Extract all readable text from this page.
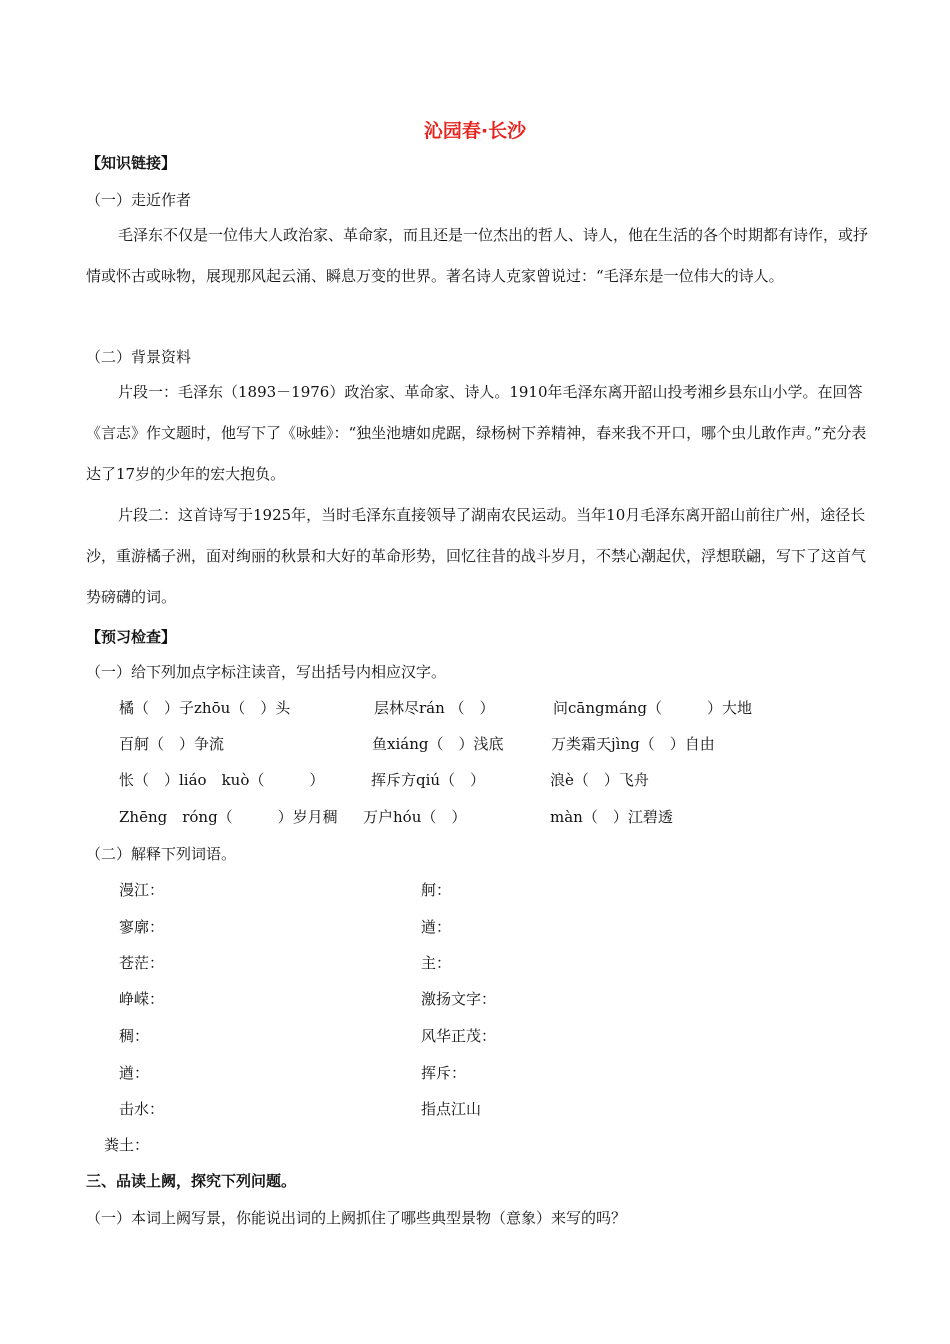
沁园春·长沙
【知识链接】
（一）走近作者
毛泽东不仅是一位伟大人政治家、革命家，而且还是一位杰出的哲人、诗人，他在生活的各个时期都有诗作，或抒情或怀古或咏物，展现那风起云涌、瞬息万变的世界。著名诗人克家曾说过：“毛泽东是一位伟大的诗人。
（二）背景资料
片段一：毛泽东（1893－1976）政治家、革命家、诗人。1910年毛泽东离开韶山投考湘乡县东山小学。在回答《言志》作文题时，他写下了《咏蛙》：“独坐池塘如虎踞，绿杨树下养精神，春来我不开口，哪个虫儿敢作声。”充分表达了17岁的少年的宏大抱负。
片段二：这首诗写于1925年，当时毛泽东直接领导了湖南农民运动。当年10月毛泽东离开韶山前往广州，途径长沙，重游橘子洲，面对绚丽的秋景和大好的革命形势，回忆往昔的战斗岁月，不禁心潮起伏，浮想联翩，写下了这首气势磅礴的词。
【预习检查】
（一）给下列加点字标注读音，写出括号内相应汉字。
橘（　）子zhōu（　）头	层林尽rán （　）	问cāngmáng（　　　）大地
百舸（　）争流	鱼xiáng（　）浅底	万类霜天jìng（　）自由
怅（　）liáo　kuò（　　　）	挥斥方qiú（　）	浪è（　）飞舟
Zhēng　róng（　　　）岁月稠 万户hóu（　）	màn（　）江碧透
（二）解释下列词语。
漫江：	舸：
寥廓：	遒：
苍茫：	主：
峥嵘：	激扬文字：
稠：	风华正茂：
遒：	挥斥：
击水：	指点江山
粪土：
三、品读上阙，探究下列问题。
（一）本词上阙写景，你能说出词的上阙抓住了哪些典型景物（意象）来写的吗？
